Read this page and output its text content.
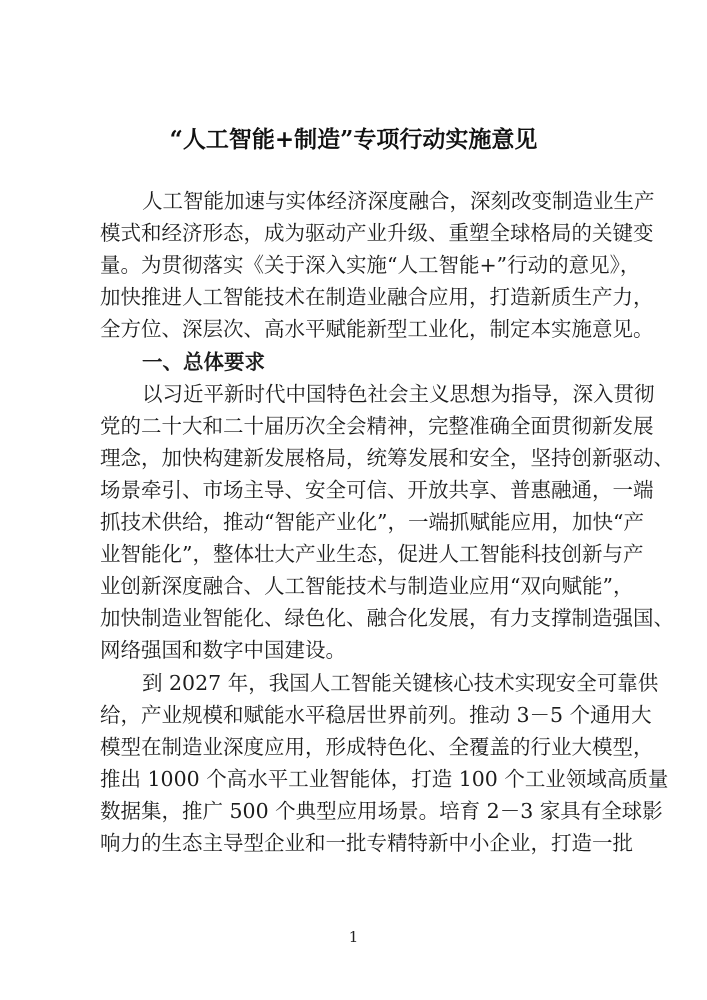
“人工智能+制造”专项行动实施意见
人工智能加速与实体经济深度融合，深刻改变制造业生产
模式和经济形态，成为驱动产业升级、重塑全球格局的关键变
量。为贯彻落实《关于深入实施“人工智能+”行动的意见》，
加快推进人工智能技术在制造业融合应用，打造新质生产力，
全方位、深层次、高水平赋能新型工业化，制定本实施意见。
一、总体要求
以习近平新时代中国特色社会主义思想为指导，深入贯彻
党的二十大和二十届历次全会精神，完整准确全面贯彻新发展
理念，加快构建新发展格局，统筹发展和安全，坚持创新驱动、
场景牵引、市场主导、安全可信、开放共享、普惠融通，一端
抓技术供给，推动“智能产业化”，一端抓赋能应用，加快“产
业智能化”，整体壮大产业生态，促进人工智能科技创新与产
业创新深度融合、人工智能技术与制造业应用“双向赋能”，
加快制造业智能化、绿色化、融合化发展，有力支撑制造强国、
网络强国和数字中国建设。
到 2027 年，我国人工智能关键核心技术实现安全可靠供
给，产业规模和赋能水平稳居世界前列。推动 3－5 个通用大
模型在制造业深度应用，形成特色化、全覆盖的行业大模型，
推出 1000 个高水平工业智能体，打造 100 个工业领域高质量
数据集，推广 500 个典型应用场景。培育 2－3 家具有全球影
响力的生态主导型企业和一批专精特新中小企业，打造一批
1
